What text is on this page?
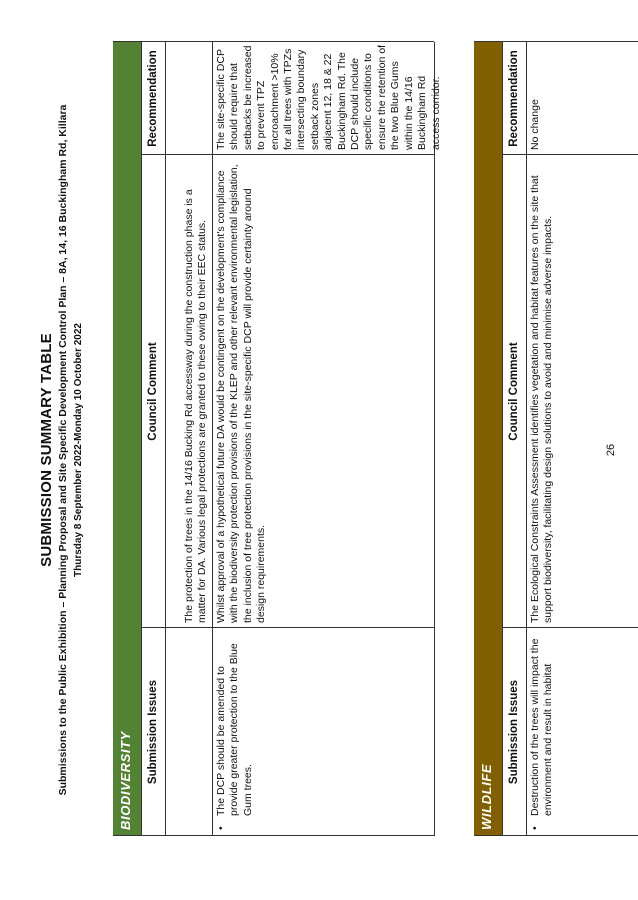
SUBMISSION SUMMARY TABLE Submissions to the Public Exhibition – Planning Proposal and Site Specific Development Control Plan – 8A, 14, 16 Buckingham Rd, Killara Thursday 8 September 2022-Monday 10 October 2022
BIODIVERSITY	Submission Issues
Council Comment
Recommendation
The protection of trees in the 14/16 Bucking Rd accessway during the construction phase is a matter for DA. Various legal protections are granted to these owing to their EEC status.
•
The DCP should be amended to provide greater protection to the Blue Gum trees.
Whilst approval of a hypothetical future DA would be contingent on the development's compliance with the biodiversity protection provisions of the KLEP and other relevant environmental legislation, the inclusion of tree protection provisions in the site-specific DCP will provide certainty around design requirements.
The site-specific DCP should require that setbacks be increased to prevent TPZ encroachment >10% for all trees with TPZs intersecting boundary setback zones adjacent 12, 18 & 22 Buckingham Rd. The DCP should include specific conditions to ensure the retention of the two Blue Gums within the 14/16 Buckingham Rd access corridor.
WILDLIFE
Submission Issues
Council Comment
Recommendation
•
Destruction of the trees will impact the environment and result in habitat
The Ecological Constraints Assessment identifies vegetation and habitat features on the site that support biodiversity, facilitating design solutions to avoid and minimise adverse impacts.
No change
26
